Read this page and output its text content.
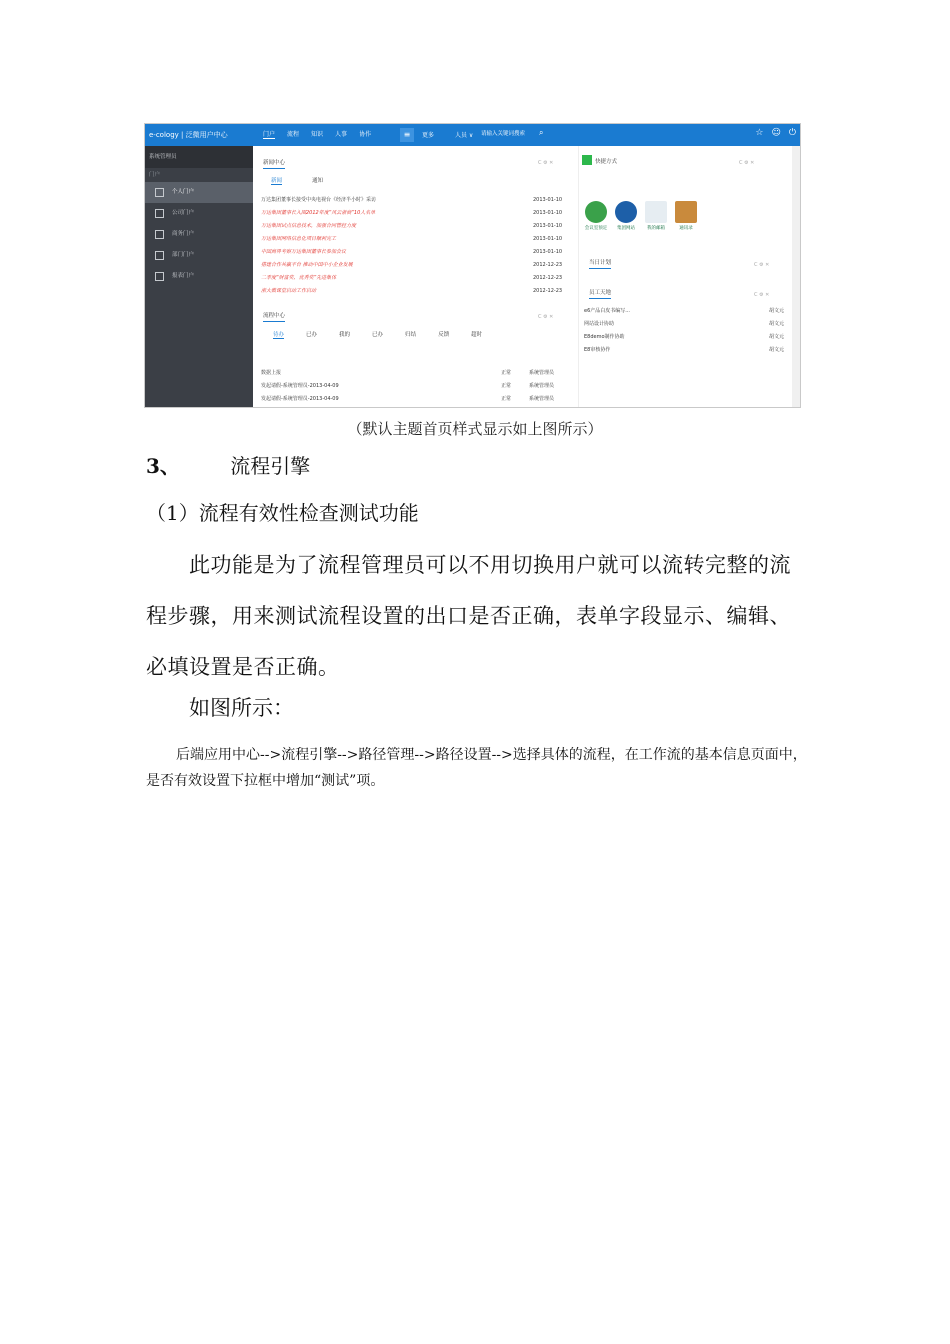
e-cology | 泛微用户中心	门户 流程 知识 人事 协作	≡	更多	人员 ∨ 请输入关键词搜索 ⌕	☆ ☺ ⏻
系统管理员
门户
个人门户
公司门户
商务门户
部门门户
报表门户
新闻中心	C ⚙ ✕
新闻	通知
万达集团董事长接受中央电视台《经济半小时》采访	2013-01-10
万达集团董事长入围2012年度“风云浙商”10人名单	2013-01-10
万达集团试点信息技术，加强合同管控力度	2013-01-10
万达集团网络信息化项目顺利完工	2013-01-10
中国商界考察万达集团董事长参加会议	2013-01-10
搭建合作共赢平台 推动中国中小企业发展	2012-12-23
二季度“财富奖、优秀奖”先进集体	2012-12-23
浙大微课堂启动工作启动	2012-12-23
流程中心	C ⚙ ✕
待办	已办	我的	已办	归结	反馈	超时
数据上报	正常	系统管理员
发起请假-系统管理员-2013-04-09	正常	系统管理员
发起请假-系统管理员-2013-04-09	正常	系统管理员
快捷方式	C ⚙ ✕
会议室预定	集团网站	我的邮箱	通讯录
当日计划	C ⚙ ✕
员工天地	C ⚙ ✕
e6产品白皮书编写...	胡文元
网站设计协助	胡文元
E8demo制作协助	胡文元
E8审核协作	胡文元
（默认主题首页样式显示如上图所示）
3、	流程引擎
（1）流程有效性检查测试功能
此功能是为了流程管理员可以不用切换用户就可以流转完整的流程步骤，用来测试流程设置的出口是否正确，表单字段显示、编辑、必填设置是否正确。
如图所示：
后端应用中心-->流程引擎-->路径管理-->路径设置-->选择具体的流程，在工作流的基本信息页面中，是否有效设置下拉框中增加“测试”项。
